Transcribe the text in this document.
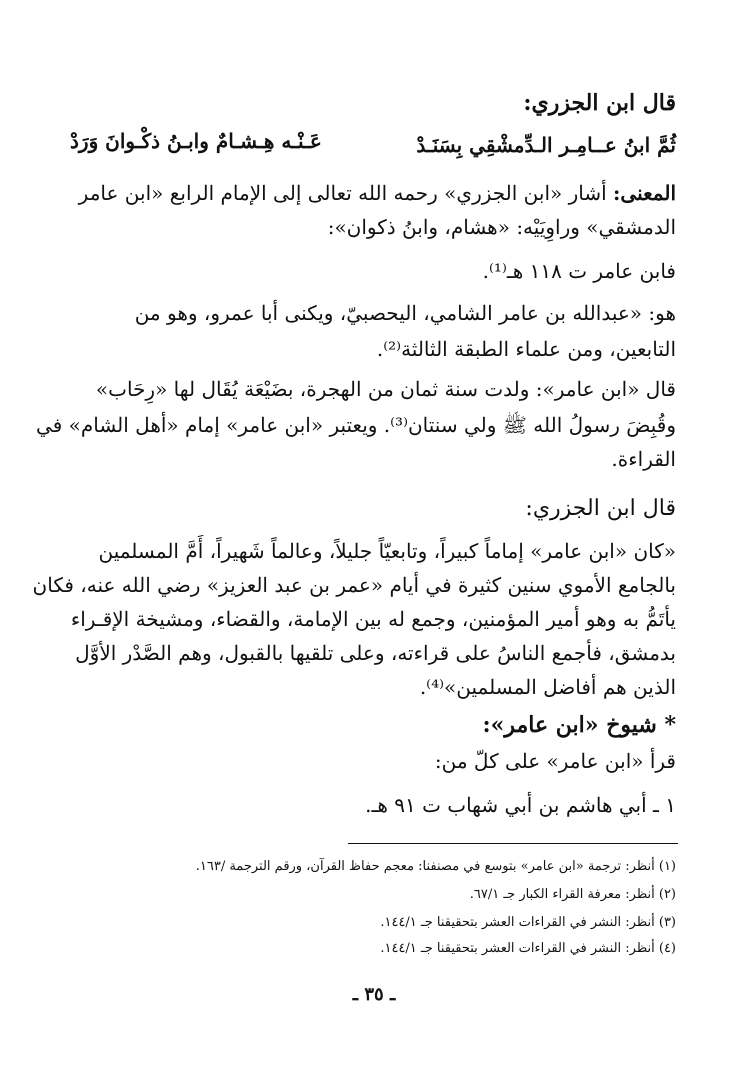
قال ابن الجزري:
ثُمَّ ابنُ عــامِـر الـدِّمشْقِي بِسَنَـدْ
عَـنْـه هِـشـامٌ وابـنُ ذكْـوانَ وَرَدْ
المعنى: أشار «ابن الجزري» رحمه الله تعالى إلى الإمام الرابع «ابن عامر
الدمشقي» وراوِيَيْه: «هشام، وابنُ ذكوان»:
فابن عامر ت ١١٨ هـ⁽¹⁾.
هو: «عبدالله بن عامر الشامي، اليحصبيّ، ويكنى أبا عمرو، وهو من
التابعين، ومن علماء الطبقة الثالثة⁽²⁾.
قال «ابن عامر»: ولدت سنة ثمان من الهجرة، بضَيْعَة يُقَال لها «رِحَاب»
وقُبِضَ رسولُ الله ﷺ ولي سنتان⁽³⁾. ويعتبر «ابن عامر» إمام «أهل الشام» في
القراءة.
قال ابن الجزري:
«كان «ابن عامر» إماماً كبيراً، وتابعيّاً جليلاً، وعالماً شَهيراً، أَمَّ المسلمين
بالجامع الأموي سنين كثيرة في أيام «عمر بن عبد العزيز» رضي الله عنه، فكان
يأتَمُّ به وهو أمير المؤمنين، وجمع له بين الإمامة، والقضاء، ومشيخة الإقـراء
بدمشق، فأجمع الناسُ على قراءته، وعلى تلقيها بالقبول، وهم الصَّدْر الأوَّل
الذين هم أفاضل المسلمين»⁽⁴⁾.
* شيوخ «ابن عامر»:
قرأ «ابن عامر» على كلّ من:
١ ـ أبي هاشم بن أبي شهاب ت ٩١ هـ.
(١) أنظر: ترجمة «ابن عامر» بتوسع في مصنفنا: معجم حفاظ القرآن، ورقم الترجمة /١٦٣.
(٢) أنظر: معرفة القراء الكبار جـ ٦٧/١.
(٣) أنظر: النشر في القراءات العشر بتحقيقنا جـ ١٤٤/١.
(٤) أنظر: النشر في القراءات العشر بتحقيقنا جـ ١٤٤/١.
ـ ٣٥ ـ
